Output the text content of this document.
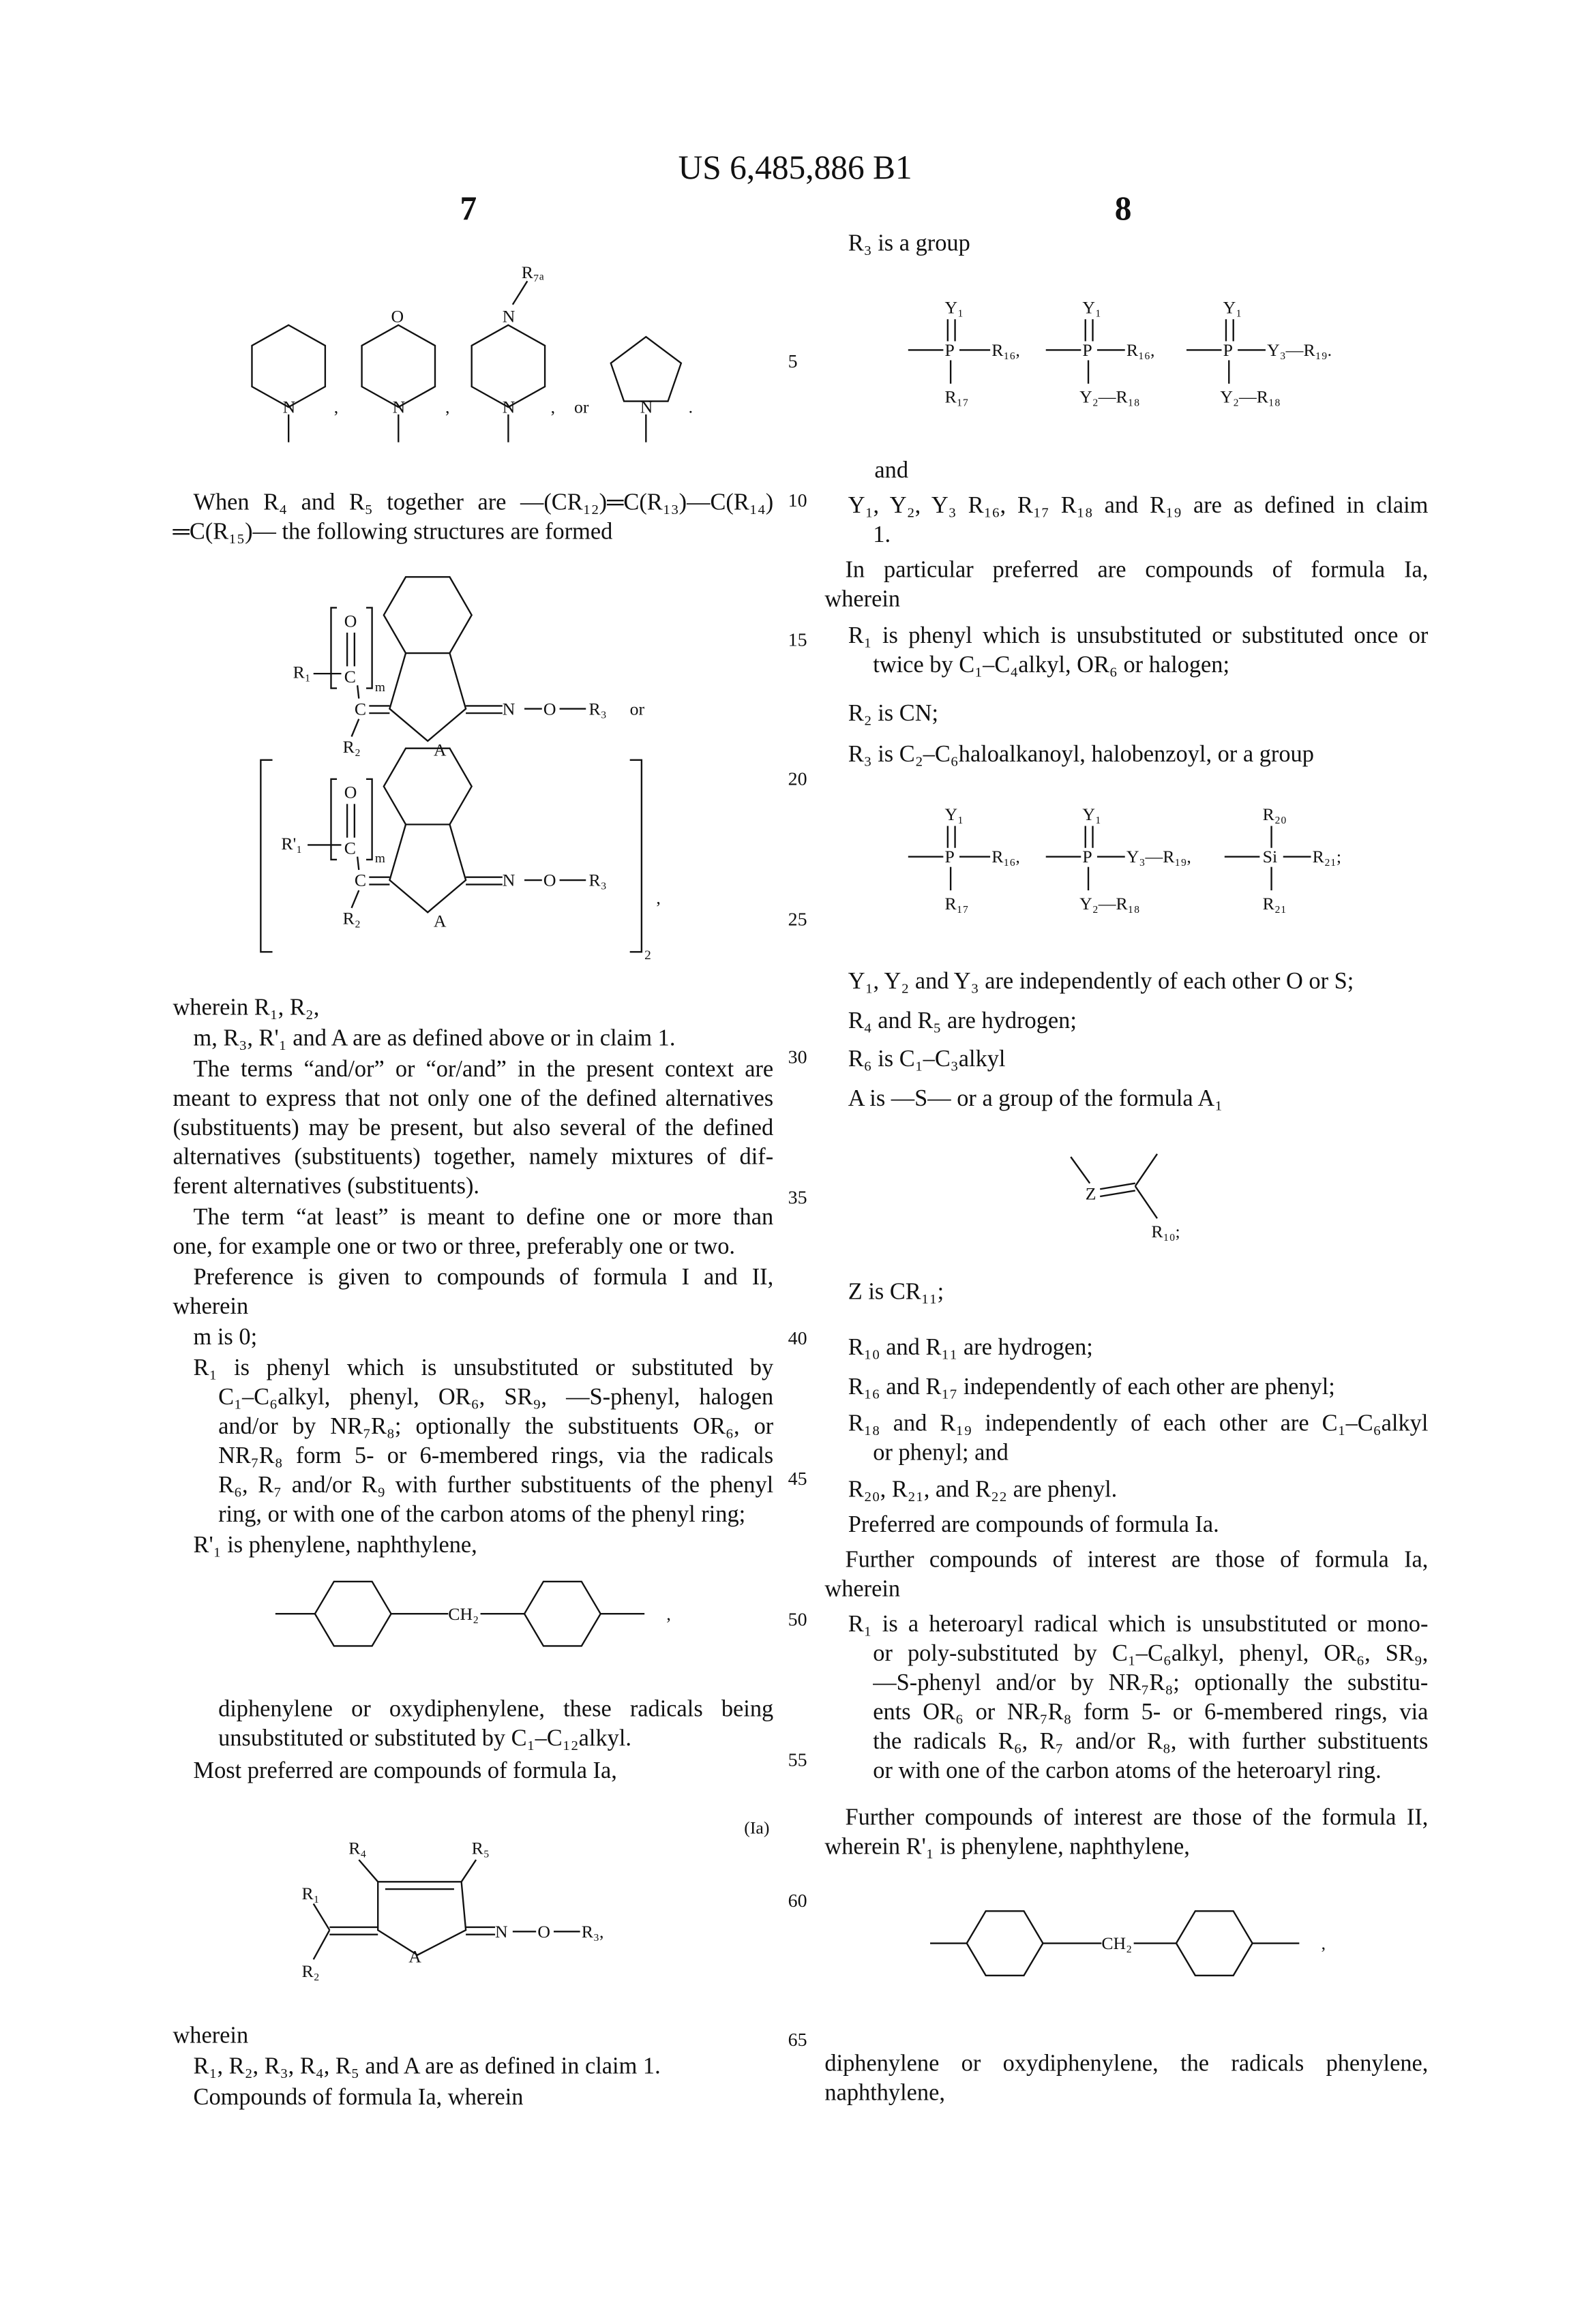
US 6,485,886 B1
7	8
5
10
15
20
25
30
35
40
45
50
55
60
65
When R₄ and R₅ together are —(CR₁₂)═C(R₁₃)—C(R₁₄)
═C(R₁₅)— the following structures are formed
wherein R₁, R₂,
m, R₃, R'₁ and A are as defined above or in claim 1.
The terms “and/or” or “or/and” in the present context are
meant to express that not only one of the defined alternatives
(substituents) may be present, but also several of the defined
alternatives (substituents) together, namely mixtures of dif-
ferent alternatives (substituents).
The term “at least” is meant to define one or more than
one, for example one or two or three, preferably one or two.
Preference is given to compounds of formula I and II,
wherein
m is 0;
R₁ is phenyl which is unsubstituted or substituted by
C₁–C₆alkyl, phenyl, OR₆, SR₉, —S-phenyl, halogen
and/or by NR₇R₈; optionally the substituents OR₆, or
NR₇R₈ form 5- or 6-membered rings, via the radicals
R₆, R₇ and/or R₉ with further substituents of the phenyl
ring, or with one of the carbon atoms of the phenyl ring;
R'₁ is phenylene, naphthylene,
diphenylene or oxydiphenylene, these radicals being
unsubstituted or substituted by C₁–C₁₂alkyl.
Most preferred are compounds of formula Ia,
wherein
R₁, R₂, R₃, R₄, R₅ and A are as defined in claim 1.
Compounds of formula Ia, wherein
R₃ is a group
and
Y₁, Y₂, Y₃ R₁₆, R₁₇ R₁₈ and R₁₉ are as defined in claim
1.
In particular preferred are compounds of formula Ia,
wherein
R₁ is phenyl which is unsubstituted or substituted once or
twice by C₁–C₄alkyl, OR₆ or halogen;
R₂ is CN;
R₃ is C₂–C₆haloalkanoyl, halobenzoyl, or a group
Y₁, Y₂ and Y₃ are independently of each other O or S;
R₄ and R₅ are hydrogen;
R₆ is C₁–C₃alkyl
A is —S— or a group of the formula A₁
Z is CR₁₁;
R₁₀ and R₁₁ are hydrogen;
R₁₆ and R₁₇ independently of each other are phenyl;
R₁₈ and R₁₉ independently of each other are C₁–C₆alkyl
or phenyl; and
R₂₀, R₂₁, and R₂₂ are phenyl.
Preferred are compounds of formula Ia.
Further compounds of interest are those of formula Ia,
wherein
R₁ is a heteroaryl radical which is unsubstituted or mono-
or poly-substituted by C₁–C₆alkyl, phenyl, OR₆, SR₉,
—S-phenyl and/or by NR₇R₈; optionally the substitu-
ents OR₆ or NR₇R₈ form 5- or 6-membered rings, via
the radicals R₆, R₇ and/or R₈, with further substituents
or with one of the carbon atoms of the heteroaryl ring.
Further compounds of interest are those of the formula II,
wherein R'₁ is phenylene, naphthylene,
diphenylene or oxydiphenylene, the radicals phenylene,
naphthylene,
N	,
O
N	,
N
R₇ₐ
N	, or	N	.
N	O	R₃	or
A
C
O
C
m
R₁
R₂
N	O	R₃
A
C
O
C
m
R'₁
R₂
2
,
Y₁
P	R₁₆,
R₁₇
Y₁
P	R₁₆,
Y₂—R₁₈
Y₁
P	Y₃—R₁₉.
Y₂—R₁₈
Y₁
P	R₁₆,
R₁₇
Y₁
P	Y₃—R₁₉,
Y₂—R₁₈
R₂₀
Si	R₂₁;
R₂₁
Z
R₁₀;
CH₂	,
CH₂	,
(Ia)
R₄	R₅
R₁
R₂
A
N	O	R₃,
